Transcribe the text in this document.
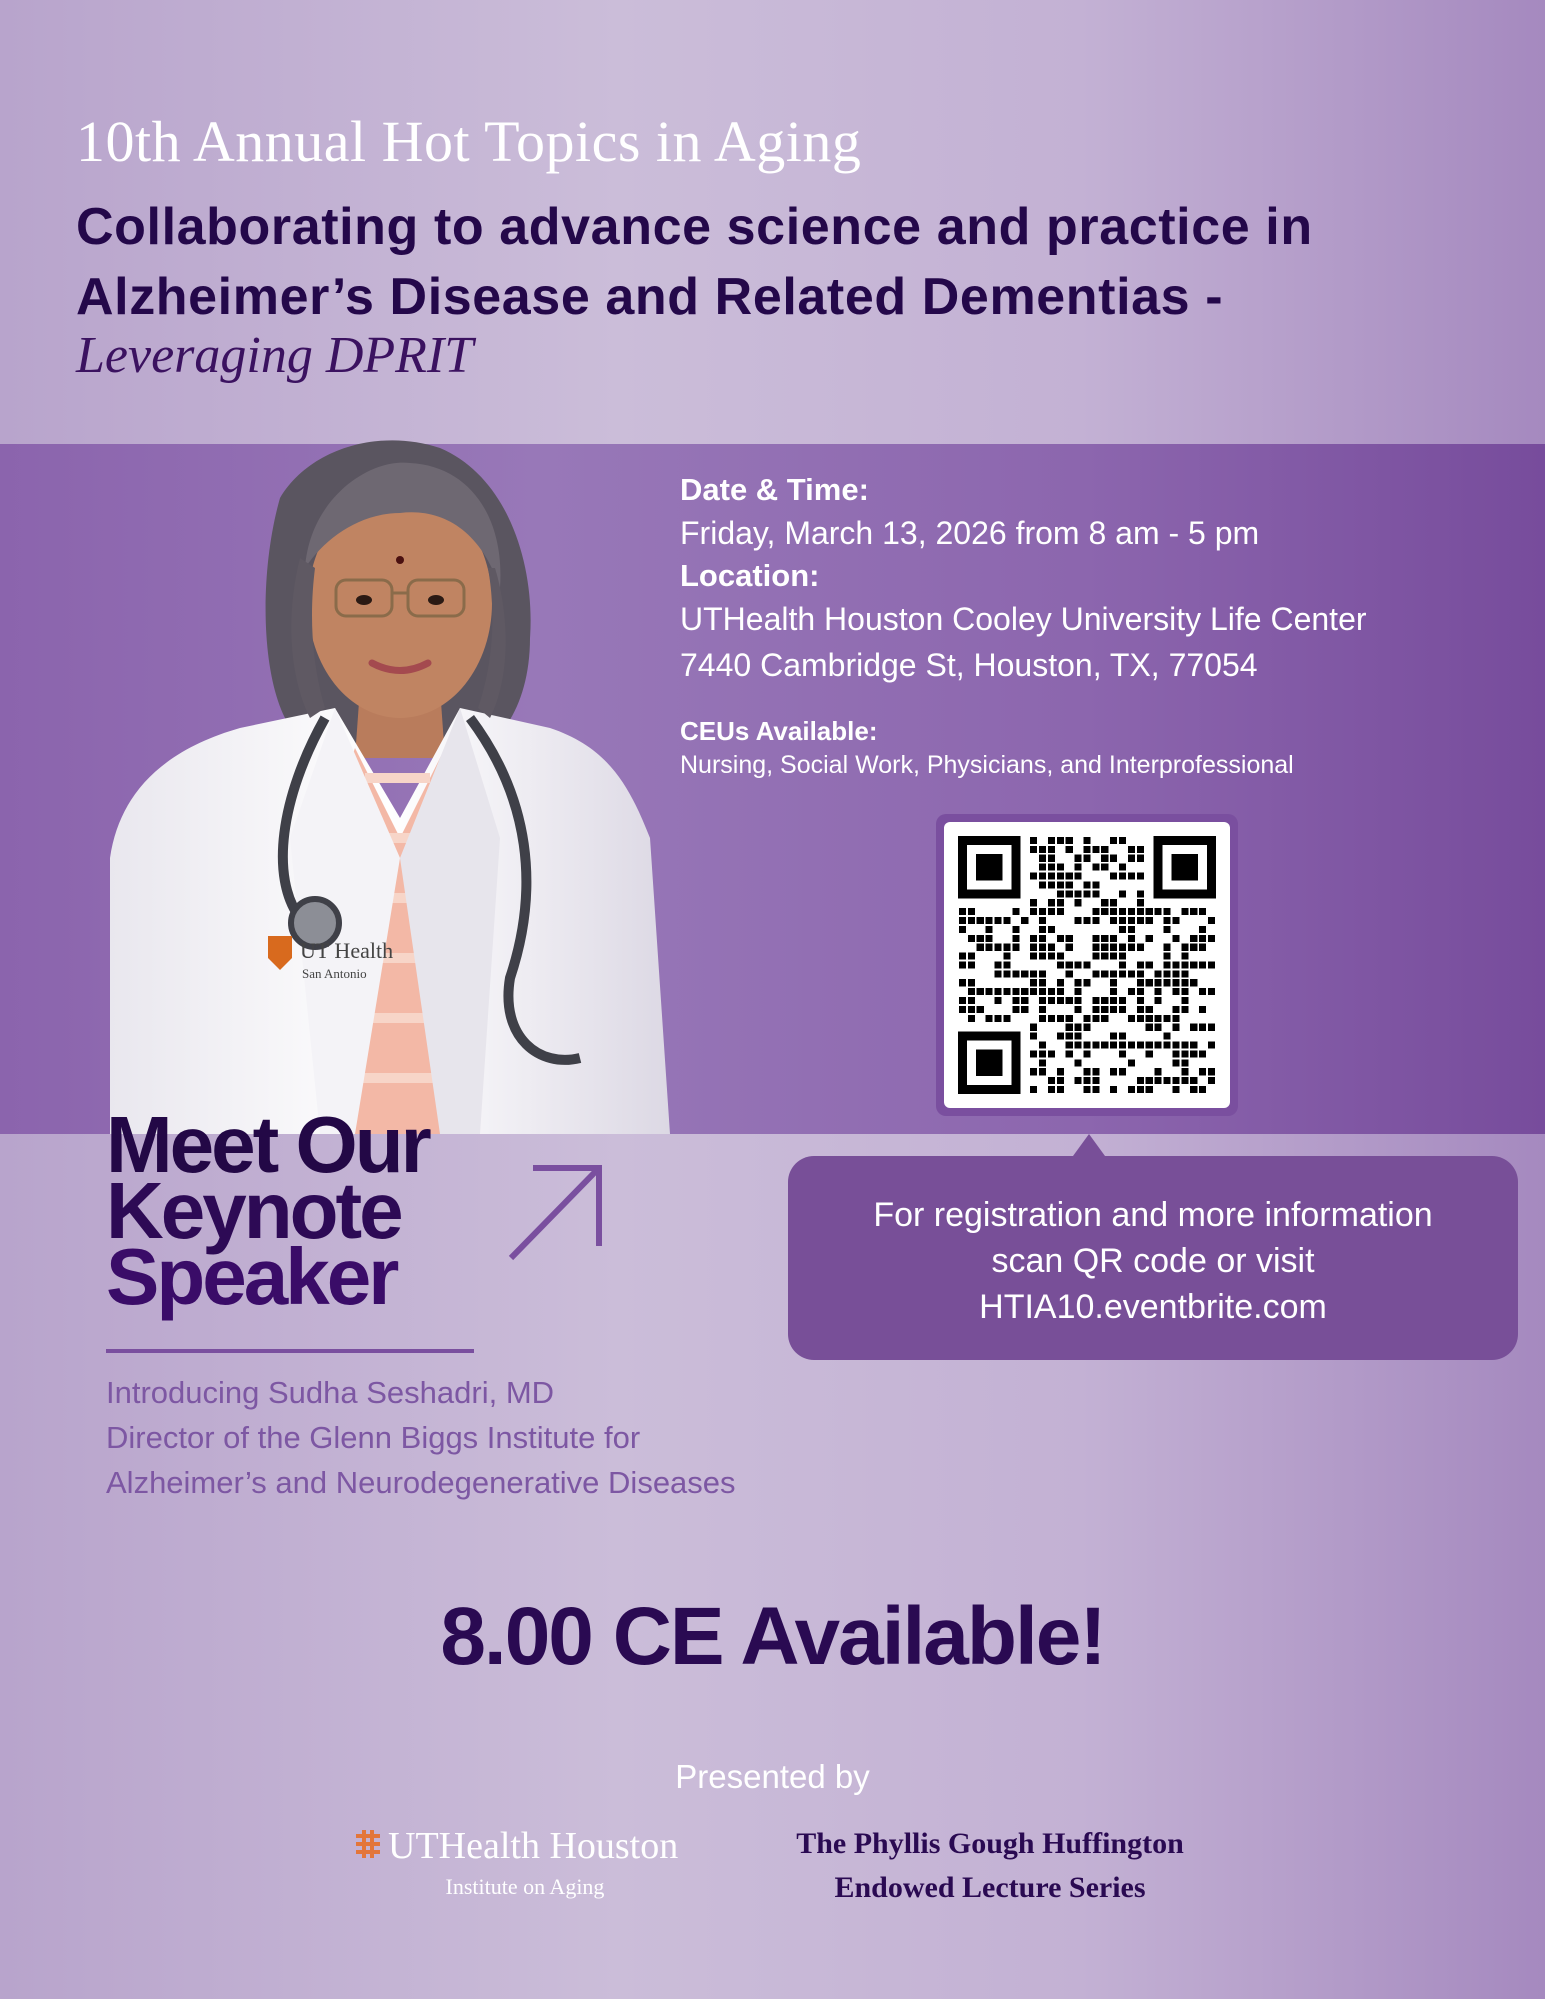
10th Annual Hot Topics in Aging
Collaborating to advance science and practice in Alzheimer’s Disease and Related Dementias -
Leveraging DPRIT
UT Health
San Antonio
Date & Time:
Friday, March 13, 2026 from 8 am - 5 pm
Location:
UTHealth Houston Cooley University Life Center
7440 Cambridge St, Houston, TX, 77054
CEUs Available:
Nursing, Social Work, Physicians, and Interprofessional
For registration and more information
scan QR code or visit
HTIA10.eventbrite.com
Meet Our
Keynote
Speaker
Introducing Sudha Seshadri, MD
Director of the Glenn Biggs Institute for
Alzheimer’s and Neurodegenerative Diseases
8.00 CE Available!
Presented by
UTHealth Houston
Institute on Aging
The Phyllis Gough Huffington
Endowed Lecture Series
